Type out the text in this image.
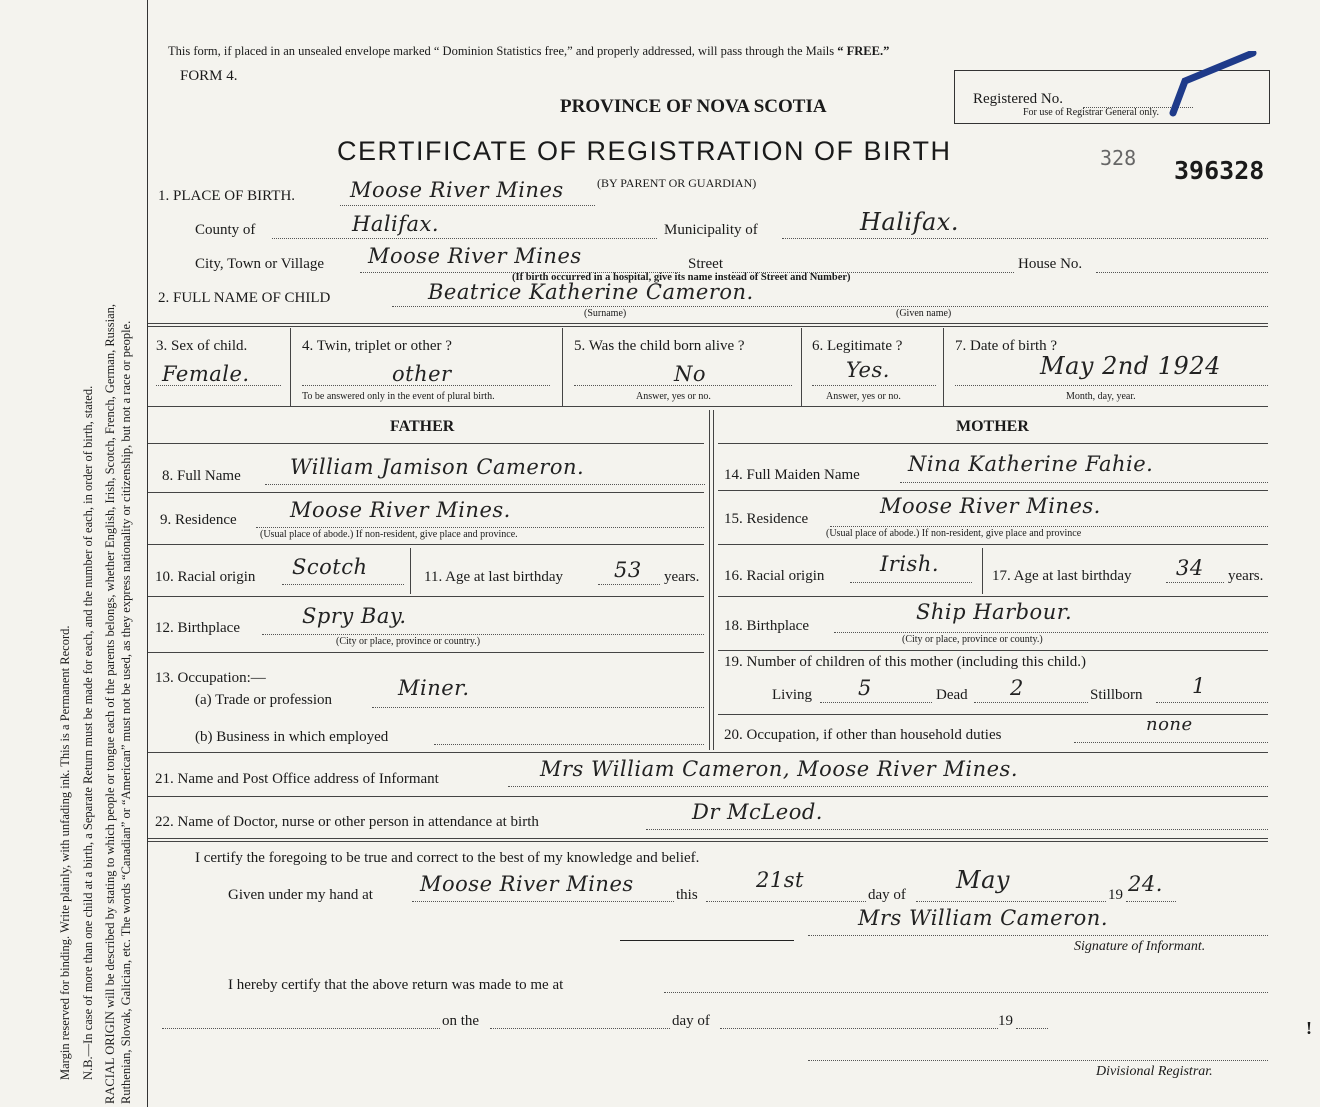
Margin reserved for binding. Write plainly, with unfading ink. This is a Permanent Record. N.B.—In case of more than one child at a birth, a Separate Return must be made for each, and the number of each, in order of birth, stated. RACIAL ORIGIN will be described by stating to which people or tongue each of the parents belongs, whether English, Irish, Scotch, French, German, Russian, Ruthenian, Slovak, Galician, etc. The words “Canadian” or “American” must not be used, as they express nationality or citizenship, but not a race or people.
This form, if placed in an unsealed envelope marked “ Dominion Statistics free,” and properly addressed, will pass through the Mails “ FREE.”
FORM 4.
PROVINCE OF NOVA SCOTIA
CERTIFICATE OF REGISTRATION OF BIRTH
(BY PARENT OR GUARDIAN)
Registered No.
For use of Registrar General only.
328 396328
1. PLACE OF BIRTH.	Moose River Mines
County of	Halifax.	Municipality of	Halifax.
City, Town or Village Moose River Mines	Street	House No.
(If birth occurred in a hospital, give its name instead of Street and Number)
2. FULL NAME OF CHILD	Beatrice Katherine Cameron.
(Surname)	(Given name)
3. Sex of child.
Female.
4. Twin, triplet or other ?
other
To be answered only in the event of plural birth.
5. Was the child born alive ?
No
Answer, yes or no.
6. Legitimate ?
Yes.
Answer, yes or no.
7. Date of birth ?
May 2nd 1924
Month, day, year.
FATHER	MOTHER
8. Full Name William Jamison Cameron.
9. Residence	Moose River Mines.
(Usual place of abode.) If non-resident, give place and province.
10. Racial origin Scotch	11. Age at last birthday 53 years.
12. Birthplace	Spry Bay.
(City or place, province or country.)
13. Occupation:—
(a) Trade or profession	Miner.
(b) Business in which employed
14. Full Maiden Name Nina Katherine Fahie.
15. Residence
Moose River Mines.
(Usual place of abode.) If non-resident, give place and province
16. Racial origin	Irish.	17. Age at last birthday 34 years.
18. Birthplace
Ship Harbour.
(City or place, province or county.)
19. Number of children of this mother (including this child.)
Living 5	Dead 2	Stillborn 1
20. Occupation, if other than household duties	none
21. Name and Post Office address of Informant	Mrs William Cameron, Moose River Mines.
22. Name of Doctor, nurse or other person in attendance at birth	Dr McLeod.
I certify the foregoing to be true and correct to the best of my knowledge and belief.
Given under my hand at Moose River Mines	this
21st
day of
May
19 24.
Mrs William Cameron.
Signature of Informant.
I hereby certify that the above return was made to me at
on the	day of	19	!
Divisional Registrar.
